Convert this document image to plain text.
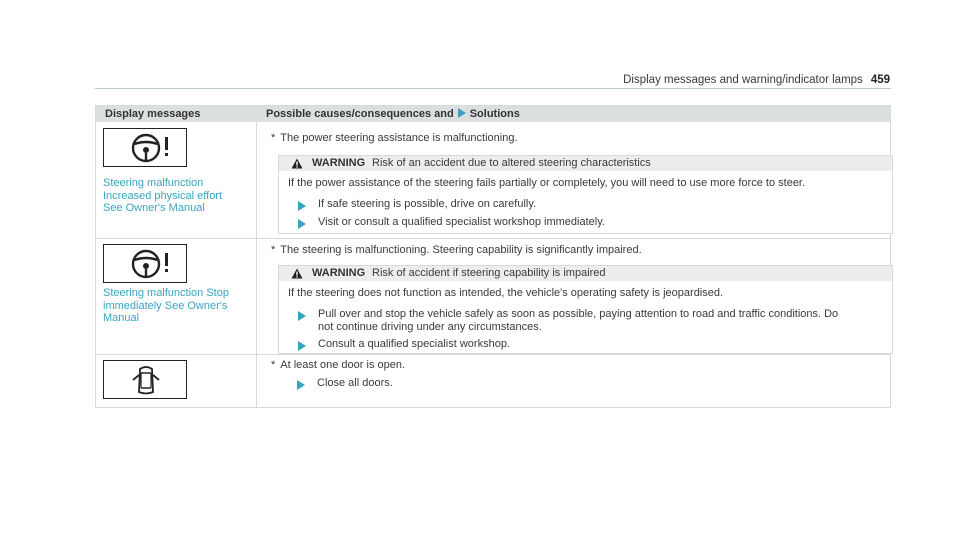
Display messages and warning/indicator lamps 459
Display messages	Possible causes/consequences and Solutions
Steering malfunction
Increased physical effort
See Owner's Manual
* The power steering assistance is malfunctioning.
WARNING Risk of an accident due to altered steering characteristics
If the power assistance of the steering fails partially or completely, you will need to use more force to steer.
If safe steering is possible, drive on carefully.
Visit or consult a qualified specialist workshop immediately.
Steering malfunction Stop
immediately See Owner's
Manual
* The steering is malfunctioning. Steering capability is significantly impaired.
WARNING Risk of accident if steering capability is impaired
If the steering does not function as intended, the vehicle's operating safety is jeopardised.
Pull over and stop the vehicle safely as soon as possible, paying attention to road and traffic conditions. Do
not continue driving under any circumstances.
Consult a qualified specialist workshop.
* At least one door is open.
Close all doors.
